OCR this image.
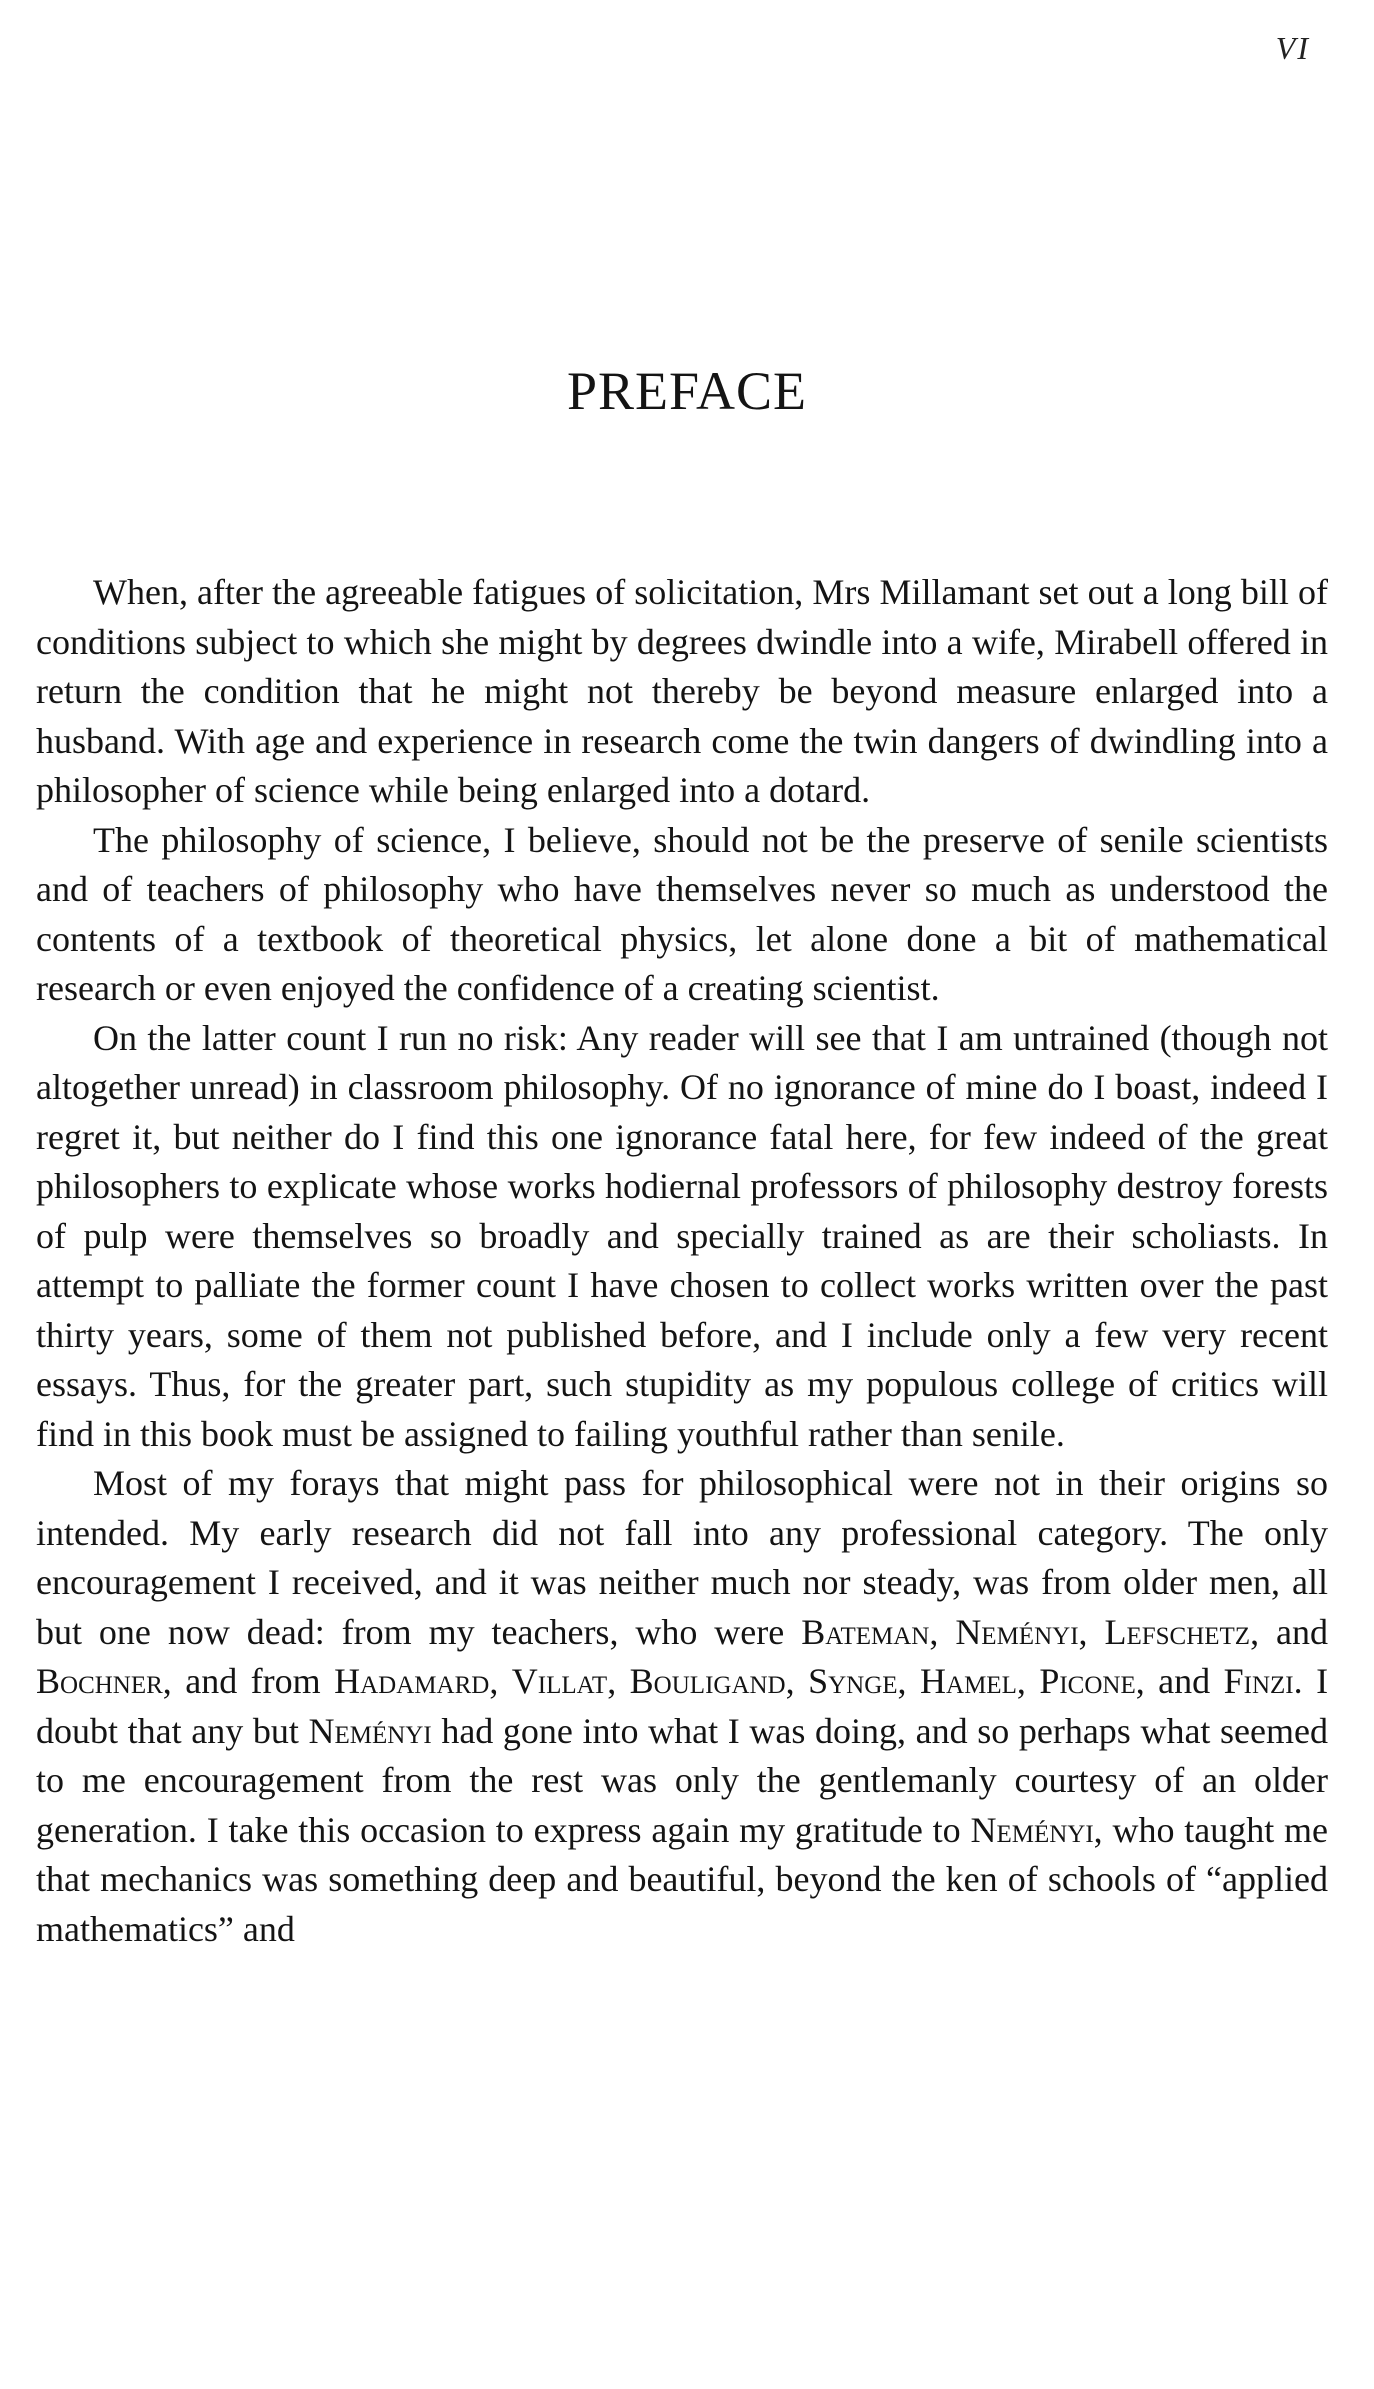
VI
PREFACE

When, after the agreeable fatigues of solicitation, Mrs Millamant set out a long bill of conditions subject to which she might by degrees dwindle into a wife, Mirabell offered in return the condition that he might not thereby be beyond measure enlarged into a husband. With age and experience in research come the twin dangers of dwindling into a philosopher of science while being enlarged into a dotard.

The philosophy of science, I believe, should not be the preserve of senile scientists and of teachers of philosophy who have themselves never so much as understood the contents of a textbook of theoretical physics, let alone done a bit of mathematical research or even enjoyed the confidence of a creating scientist.

On the latter count I run no risk: Any reader will see that I am untrained (though not altogether unread) in classroom philosophy. Of no ignorance of mine do I boast, indeed I regret it, but neither do I find this one ignorance fatal here, for few indeed of the great philosophers to explicate whose works hodiernal professors of philosophy destroy forests of pulp were themselves so broadly and specially trained as are their scholiasts. In attempt to palliate the former count I have chosen to collect works written over the past thirty years, some of them not published before, and I include only a few very recent essays. Thus, for the greater part, such stupidity as my populous college of critics will find in this book must be assigned to failing youthful rather than senile.

Most of my forays that might pass for philosophical were not in their origins so intended. My early research did not fall into any professional category. The only encouragement I received, and it was neither much nor steady, was from older men, all but one now dead: from my teachers, who were Bateman, Neményi, Lefschetz, and Bochner, and from Hadamard, Villat, Bouligand, Synge, Hamel, Picone, and Finzi. I doubt that any but Neményi had gone into what I was doing, and so perhaps what seemed to me encouragement from the rest was only the gentlemanly courtesy of an older generation. I take this occasion to express again my gratitude to Neményi, who taught me that mechanics was something deep and beautiful, beyond the ken of schools of “applied mathematics” and
